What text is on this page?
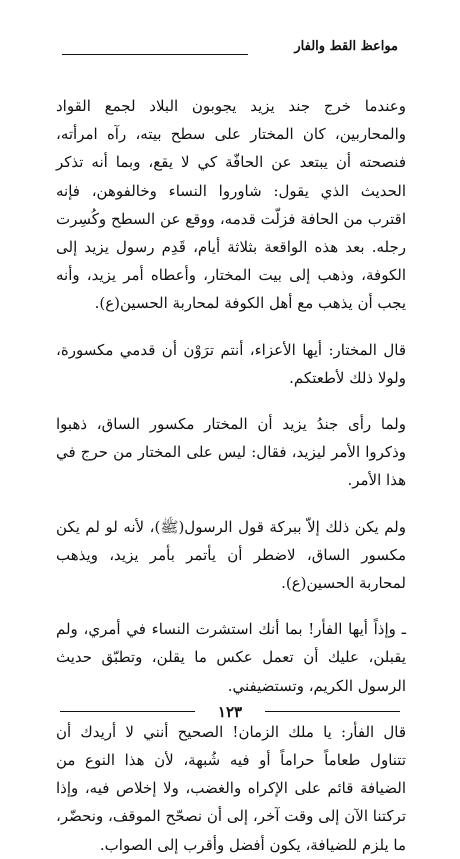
مواعظ القط والفار

وعندما خرج جند يزيد يجوبون البلاد لجمع القواد والمحاربين، كان المختار على سطح بيته، رآه امرأته، فنصحته أن يبتعد عن الحافّة كي لا يقع، وبما أنه تذكر الحديث الذي يقول: شاوروا النساء وخالفوهن، فإنه اقترب من الحافة فزلّت قدمه، ووقع عن السطح وكُسِرت رجله. بعد هذه الواقعة بثلاثة أيام، قَدِم رسول يزيد إلى الكوفة، وذهب إلى بيت المختار، وأعطاه أمر يزيد، وأنه يجب أن يذهب مع أهل الكوفة لمحاربة الحسين(ع).

قال المختار: أيها الأعزاء، أنتم ترَوْن أن قدمي مكسورة، ولولا ذلك لأطعتكم.

ولما رأى جندُ يزيد أن المختار مكسور الساق، ذهبوا وذكروا الأمر ليزيد، فقال: ليس على المختار من حرج في هذا الأمر.

ولم يكن ذلك إلاّ ببركة قول الرسول(ﷺ)، لأنه لو لم يكن مكسور الساق، لاضطر أن يأتمر بأمر يزيد، ويذهب لمحاربة الحسين(ع).

ـ وإذاً أيها الفأر! بما أنك استشرت النساء في أمري، ولم يقبلن، عليك أن تعمل عكس ما يقلن، وتطبّق حديث الرسول الكريم، وتستضيفني.

قال الفأر: يا ملك الزمان! الصحيح أنني لا أريدك أن تتناول طعاماً حراماً أو فيه شُبهة، لأن هذا النوع من الضيافة قائم على الإكراه والغضب، ولا إخلاص فيه، وإذا تركتنا الآن إلى وقت آخر، إلى أن نصحّح الموقف، ونحضّر، ما يلزم للضيافة، يكون أفضل وأقرب إلى الصواب.

١٢٣
